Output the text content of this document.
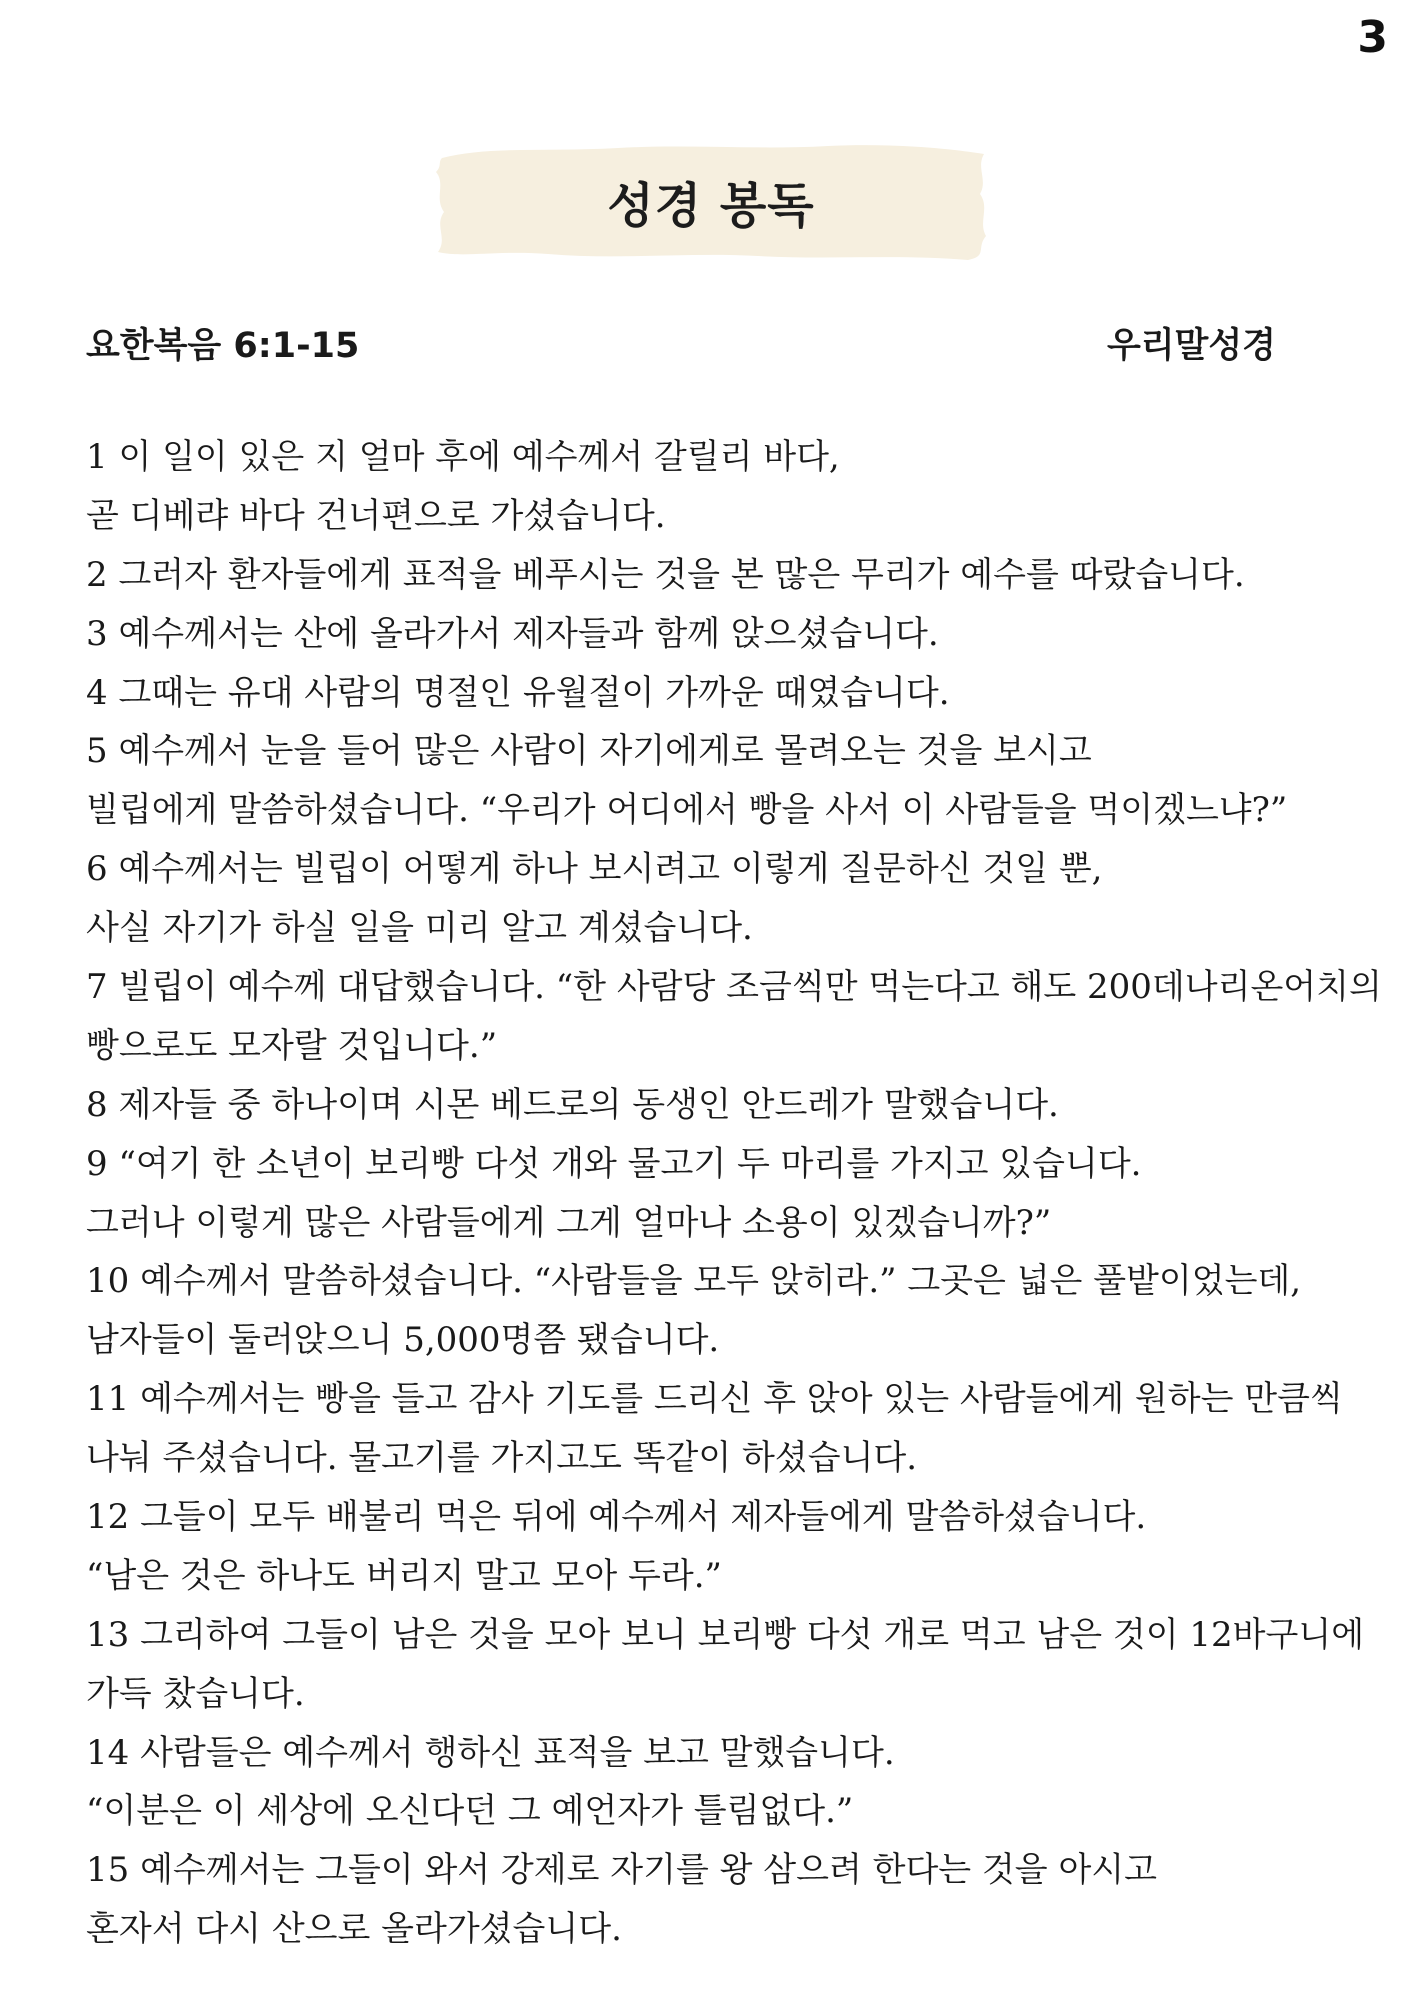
3
성경 봉독
요한복음 6:1-15	우리말성경
1 이 일이 있은 지 얼마 후에 예수께서 갈릴리 바다,
곧 디베랴 바다 건너편으로 가셨습니다.
2 그러자 환자들에게 표적을 베푸시는 것을 본 많은 무리가 예수를 따랐습니다.
3 예수께서는 산에 올라가서 제자들과 함께 앉으셨습니다.
4 그때는 유대 사람의 명절인 유월절이 가까운 때였습니다.
5 예수께서 눈을 들어 많은 사람이 자기에게로 몰려오는 것을 보시고
빌립에게 말씀하셨습니다. “우리가 어디에서 빵을 사서 이 사람들을 먹이겠느냐?”
6 예수께서는 빌립이 어떻게 하나 보시려고 이렇게 질문하신 것일 뿐,
사실 자기가 하실 일을 미리 알고 계셨습니다.
7 빌립이 예수께 대답했습니다. “한 사람당 조금씩만 먹는다고 해도 200데나리온어치의
빵으로도 모자랄 것입니다.”
8 제자들 중 하나이며 시몬 베드로의 동생인 안드레가 말했습니다.
9 “여기 한 소년이 보리빵 다섯 개와 물고기 두 마리를 가지고 있습니다.
그러나 이렇게 많은 사람들에게 그게 얼마나 소용이 있겠습니까?”
10 예수께서 말씀하셨습니다. “사람들을 모두 앉히라.” 그곳은 넓은 풀밭이었는데,
남자들이 둘러앉으니 5,000명쯤 됐습니다.
11 예수께서는 빵을 들고 감사 기도를 드리신 후 앉아 있는 사람들에게 원하는 만큼씩
나눠 주셨습니다. 물고기를 가지고도 똑같이 하셨습니다.
12 그들이 모두 배불리 먹은 뒤에 예수께서 제자들에게 말씀하셨습니다.
“남은 것은 하나도 버리지 말고 모아 두라.”
13 그리하여 그들이 남은 것을 모아 보니 보리빵 다섯 개로 먹고 남은 것이 12바구니에
가득 찼습니다.
14 사람들은 예수께서 행하신 표적을 보고 말했습니다.
“이분은 이 세상에 오신다던 그 예언자가 틀림없다.”
15 예수께서는 그들이 와서 강제로 자기를 왕 삼으려 한다는 것을 아시고
혼자서 다시 산으로 올라가셨습니다.
